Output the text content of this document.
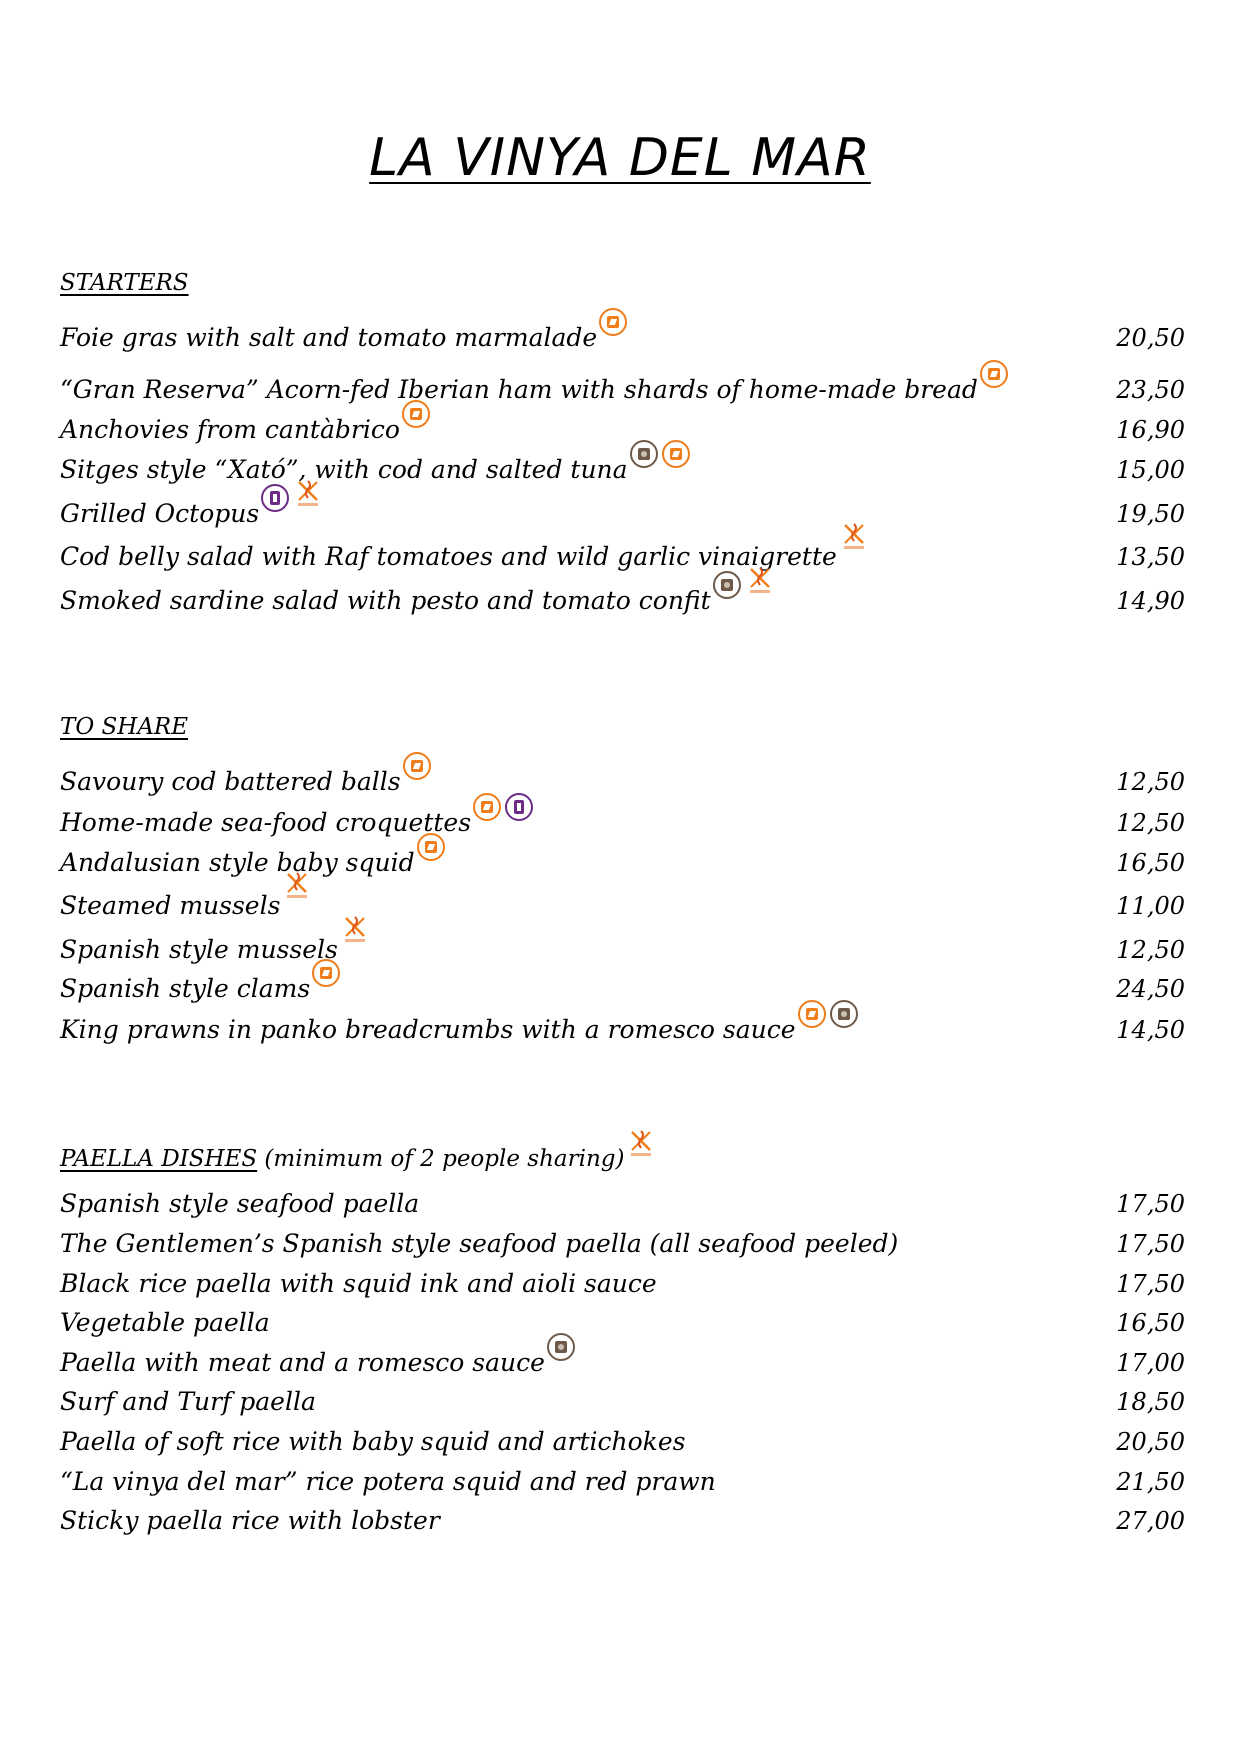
LA VINYA DEL MAR
STARTERS
Foie gras with salt and tomato marmalade	20,50
“Gran Reserva” Acorn-fed Iberian ham with shards of home-made bread	23,50
Anchovies from cantàbrico	16,90
Sitges style “Xató”, with cod and salted tuna	15,00
Grilled Octopus	19,50
Cod belly salad with Raf tomatoes and wild garlic vinaigrette	13,50
Smoked sardine salad with pesto and tomato confit	14,90
TO SHARE
Savoury cod battered balls	12,50
Home-made sea-food croquettes	12,50
Andalusian style baby squid	16,50
Steamed mussels	11,00
Spanish style mussels	12,50
Spanish style clams	24,50
King prawns in panko breadcrumbs with a romesco sauce	14,50
PAELLA DISHES (minimum of 2 people sharing)
Spanish style seafood paella	17,50
The Gentlemen’s Spanish style seafood paella (all seafood peeled)	17,50
Black rice paella with squid ink and aioli sauce	17,50
Vegetable paella	16,50
Paella with meat and a romesco sauce	17,00
Surf and Turf paella	18,50
Paella of soft rice with baby squid and artichokes	20,50
“La vinya del mar” rice potera squid and red prawn	21,50
Sticky paella rice with lobster	27,00
